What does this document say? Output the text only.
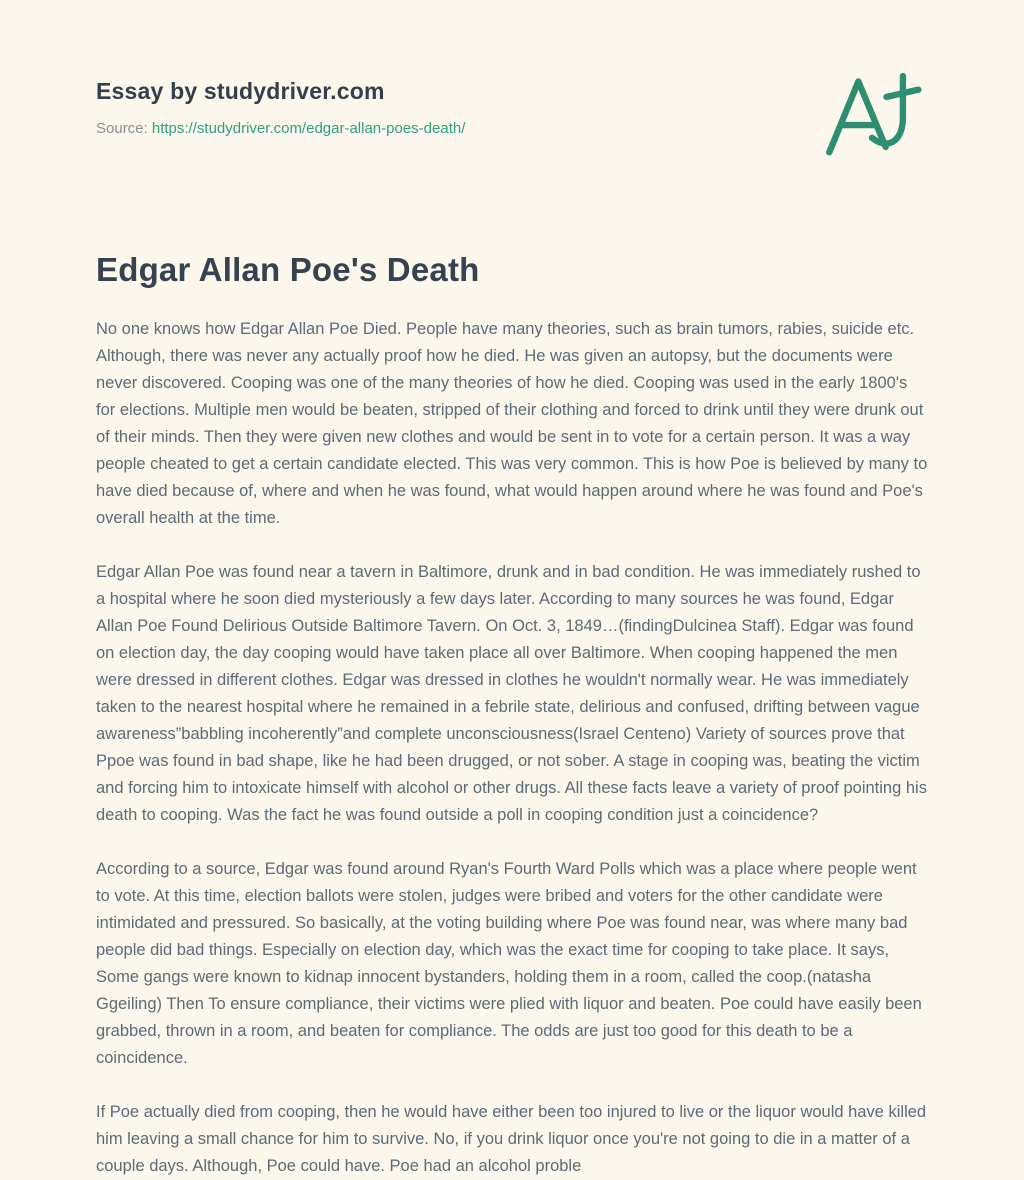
Essay by studydriver.com

Source: https://studydriver.com/edgar-allan-poes-death/

Edgar Allan Poe's Death

No one knows how Edgar Allan Poe Died. People have many theories, such as brain tumors, rabies, suicide etc. Although, there was never any actually proof how he died. He was given an autopsy, but the documents were never discovered. Cooping was one of the many theories of how he died. Cooping was used in the early 1800's for elections. Multiple men would be beaten, stripped of their clothing and forced to drink until they were drunk out of their minds. Then they were given new clothes and would be sent in to vote for a certain person. It was a way people cheated to get a certain candidate elected. This was very common. This is how Poe is believed by many to have died because of, where and when he was found, what would happen around where he was found and Poe's overall health at the time.

Edgar Allan Poe was found near a tavern in Baltimore, drunk and in bad condition. He was immediately rushed to a hospital where he soon died mysteriously a few days later. According to many sources he was found, Edgar Allan Poe Found Delirious Outside Baltimore Tavern. On Oct. 3, 1849…(findingDulcinea Staff). Edgar was found on election day, the day cooping would have taken place all over Baltimore. When cooping happened the men were dressed in different clothes. Edgar was dressed in clothes he wouldn't normally wear. He was immediately taken to the nearest hospital where he remained in a febrile state, delirious and confused, drifting between vague awareness”babbling incoherently”and complete unconsciousness(Israel Centeno) Variety of sources prove that Ppoe was found in bad shape, like he had been drugged, or not sober. A stage in cooping was, beating the victim and forcing him to intoxicate himself with alcohol or other drugs. All these facts leave a variety of proof pointing his death to cooping. Was the fact he was found outside a poll in cooping condition just a coincidence?

According to a source, Edgar was found around Ryan's Fourth Ward Polls which was a place where people went to vote. At this time, election ballots were stolen, judges were bribed and voters for the other candidate were intimidated and pressured. So basically, at the voting building where Poe was found near, was where many bad people did bad things. Especially on election day, which was the exact time for cooping to take place. It says, Some gangs were known to kidnap innocent bystanders, holding them in a room, called the coop.(natasha Ggeiling) Then To ensure compliance, their victims were plied with liquor and beaten. Poe could have easily been grabbed, thrown in a room, and beaten for compliance. The odds are just too good for this death to be a coincidence.

If Poe actually died from cooping, then he would have either been too injured to live or the liquor would have killed him leaving a small chance for him to survive. No, if you drink liquor once you're not going to die in a matter of a couple days. Although, Poe could have. Poe had an alcohol proble
